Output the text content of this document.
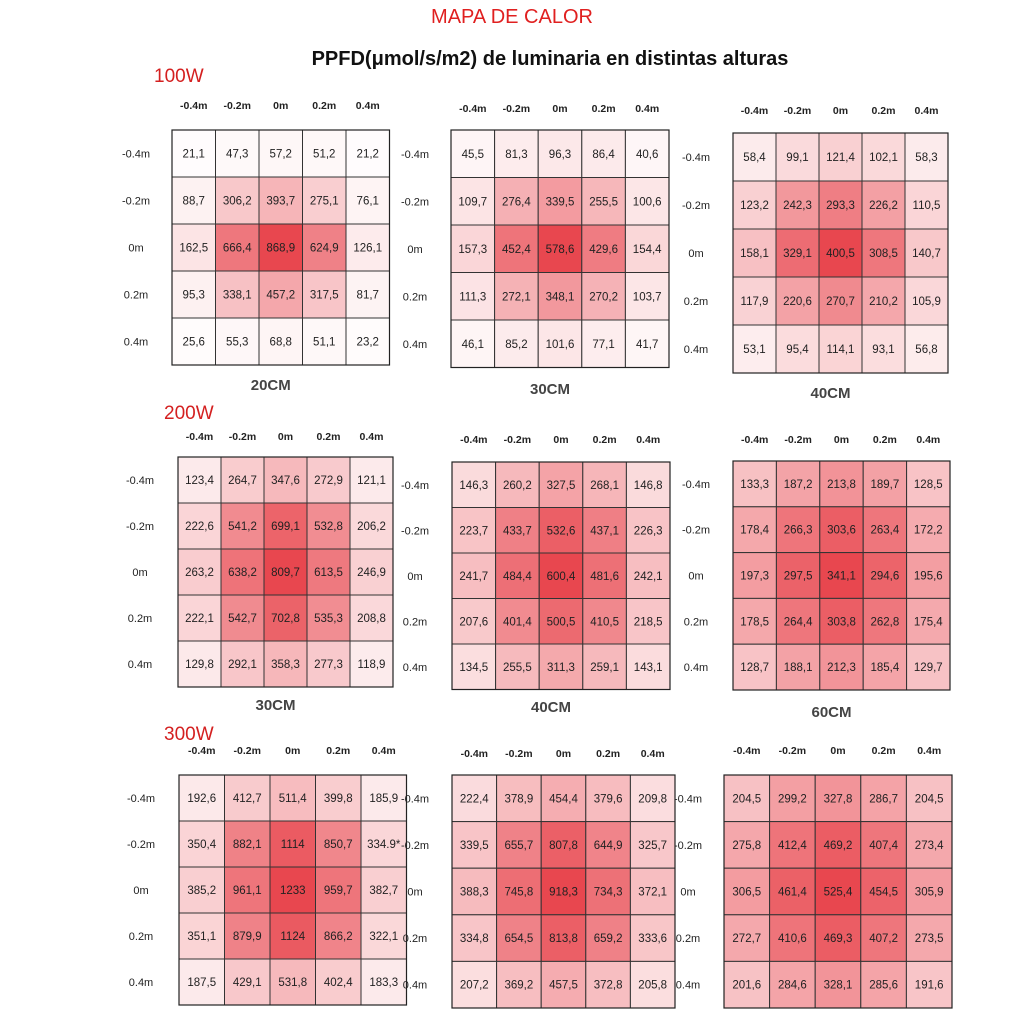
MAPA DE CALOR
PPFD(μmol/s/m2) de luminaria en distintas alturas
100W
200W
300W
21,1 47,3 57,2 51,2 21,2
88,7 306,2 393,7 275,1 76,1
162,5 666,4 868,9 624,9 126,1
95,3 338,1 457,2 317,5 81,7
25,6 55,3 68,8 51,1 23,2
-0.4m -0.2m 0m 0.2m 0.4m
-0.4m
-0.2m
0m
0.2m
0.4m
20CM
45,5 81,3 96,3 86,4 40,6
109,7 276,4 339,5 255,5 100,6
157,3 452,4 578,6 429,6 154,4
111,3 272,1 348,1 270,2 103,7
46,1 85,2 101,6 77,1 41,7
-0.4m -0.2m 0m 0.2m 0.4m
-0.4m
-0.2m
0m
0.2m
0.4m
30CM
58,4 99,1 121,4 102,1 58,3
123,2 242,3 293,3 226,2 110,5
158,1 329,1 400,5 308,5 140,7
117,9 220,6 270,7 210,2 105,9
53,1 95,4 114,1 93,1 56,8
-0.4m -0.2m 0m 0.2m 0.4m
-0.4m
-0.2m
0m
0.2m
0.4m
40CM
123,4 264,7 347,6 272,9 121,1
222,6 541,2 699,1 532,8 206,2
263,2 638,2 809,7 613,5 246,9
222,1 542,7 702,8 535,3 208,8
129,8 292,1 358,3 277,3 118,9
-0.4m -0.2m 0m 0.2m 0.4m
-0.4m
-0.2m
0m
0.2m
0.4m
30CM
146,3 260,2 327,5 268,1 146,8
223,7 433,7 532,6 437,1 226,3
241,7 484,4 600,4 481,6 242,1
207,6 401,4 500,5 410,5 218,5
134,5 255,5 311,3 259,1 143,1
-0.4m -0.2m 0m 0.2m 0.4m
-0.4m
-0.2m
0m
0.2m
0.4m
40CM
133,3 187,2 213,8 189,7 128,5
178,4 266,3 303,6 263,4 172,2
197,3 297,5 341,1 294,6 195,6
178,5 264,4 303,8 262,8 175,4
128,7 188,1 212,3 185,4 129,7
-0.4m -0.2m 0m 0.2m 0.4m
-0.4m
-0.2m
0m
0.2m
0.4m
60CM
192,6 412,7 511,4 399,8 185,9
350,4 882,1 1114 850,7 334.9*
385,2 961,1 1233 959,7 382,7
351,1 879,9 1124 866,2 322,1
187,5 429,1 531,8 402,4 183,3
-0.4m -0.2m 0m 0.2m 0.4m
-0.4m
-0.2m
0m
0.2m
0.4m
222,4 378,9 454,4 379,6 209,8
339,5 655,7 807,8 644,9 325,7
388,3 745,8 918,3 734,3 372,1
334,8 654,5 813,8 659,2 333,6
207,2 369,2 457,5 372,8 205,8
-0.4m -0.2m 0m 0.2m 0.4m
-0.4m
-0.2m
0m
0.2m
0.4m
204,5 299,2 327,8 286,7 204,5
275,8 412,4 469,2 407,4 273,4
306,5 461,4 525,4 454,5 305,9
272,7 410,6 469,3 407,2 273,5
201,6 284,6 328,1 285,6 191,6
-0.4m -0.2m 0m 0.2m 0.4m
-0.4m
-0.2m
0m
0.2m
0.4m
